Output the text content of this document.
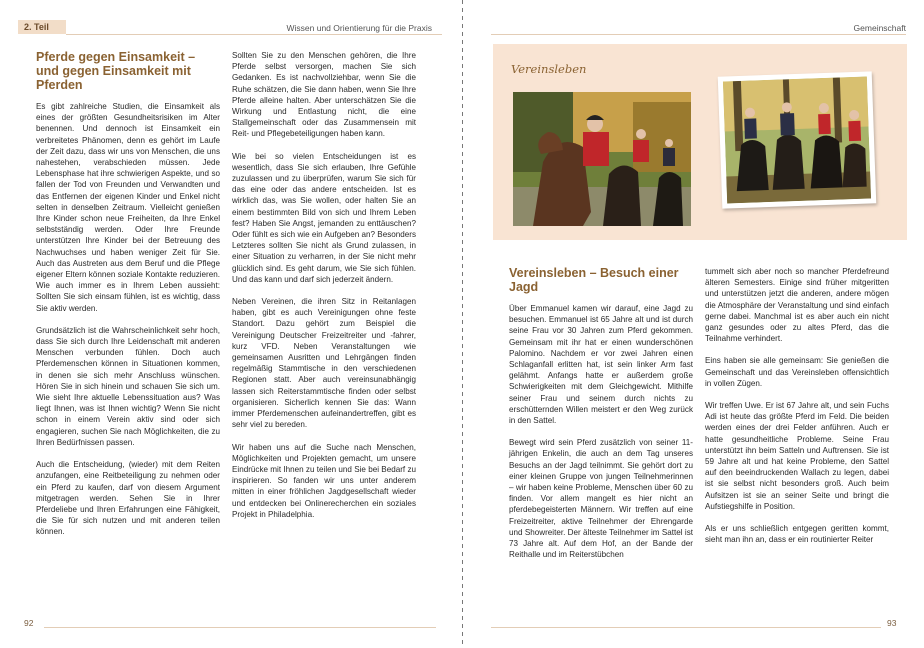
2. Teil	Wissen und Orientierung für die Praxis
Pferde gegen Einsamkeit – und gegen Einsamkeit mit Pferden

Es gibt zahlreiche Studien, die Einsamkeit als eines der größten Gesundheitsrisiken im Alter benennen. Und dennoch ist Einsamkeit ein verbreitetes Phänomen, denn es gehört im Laufe der Zeit dazu, dass wir uns von Menschen, die uns nahestehen, verabschieden müssen. Jede Lebensphase hat ihre schwierigen Aspekte, und so fallen der Tod von Freunden und Verwandten und das Entfernen der eigenen Kinder und Enkel nicht selten in denselben Zeitraum. Vielleicht genießen Ihre Kinder schon neue Freiheiten, da Ihre Enkel selbstständig werden. Oder Ihre Freunde unterstützen Ihre Kinder bei der Betreuung des Nachwuchses und haben weniger Zeit für Sie. Auch das Austreten aus dem Beruf und die Pflege eigener Eltern können soziale Kontakte reduzieren. Wie auch immer es in Ihrem Leben aussieht: Sollten Sie sich einsam fühlen, ist es wichtig, dass Sie aktiv werden.

Grundsätzlich ist die Wahrscheinlichkeit sehr hoch, dass Sie sich durch Ihre Leidenschaft mit anderen Menschen verbunden fühlen. Doch auch Pferdemenschen können in Situationen kommen, in denen sie sich mehr Anschluss wünschen. Hören Sie in sich hinein und schauen Sie sich um. Wie sieht Ihre aktuelle Lebenssituation aus? Was liegt Ihnen, was ist Ihnen wichtig? Wenn Sie nicht schon in einem Verein aktiv sind oder sich engagieren, suchen Sie nach Möglichkeiten, die zu Ihren Bedürfnissen passen.

Auch die Entscheidung, (wieder) mit dem Reiten anzufangen, eine Reitbeteiligung zu nehmen oder ein Pferd zu kaufen, darf von diesem Argument mitgetragen werden. Sehen Sie in Ihrer Pferdeliebe und Ihren Erfahrungen eine Fähigkeit, die Sie für sich nutzen und mit anderen teilen können.

Sollten Sie zu den Menschen gehören, die Ihre Pferde selbst versorgen, machen Sie sich Gedanken. Es ist nachvollziehbar, wenn Sie die Ruhe schätzen, die Sie dann haben, wenn Sie Ihre Pferde alleine halten. Aber unterschätzen Sie die Wirkung und Entlastung nicht, die eine Stallgemeinschaft oder das Zusammensein mit Reit- und Pflegebeteiligungen haben kann.

Wie bei so vielen Entscheidungen ist es wesentlich, dass Sie sich erlauben, Ihre Gefühle zuzulassen und zu überprüfen, warum Sie sich für das eine oder das andere entscheiden. Ist es wirklich das, was Sie wollen, oder halten Sie an einem bestimmten Bild von sich und Ihrem Leben fest? Haben Sie Angst, jemanden zu enttäuschen? Oder fühlt es sich wie ein Aufgeben an? Besonders Letzteres sollten Sie nicht als Grund zulassen, in einer Situation zu verharren, in der Sie nicht mehr glücklich sind. Es geht darum, wie Sie sich fühlen. Und das kann und darf sich jederzeit ändern.

Neben Vereinen, die ihren Sitz in Reitanlagen haben, gibt es auch Vereinigungen ohne feste Standort. Dazu gehört zum Beispiel die Vereinigung Deutscher Freizeitreiter und -fahrer, kurz VFD. Neben Veranstaltungen wie gemeinsamen Ausritten und Lehrgängen finden regelmäßig Stammtische in den verschiedenen Regionen statt. Aber auch vereinsunabhängig lassen sich Reiterstammtische finden oder selbst organisieren. Sicherlich kennen Sie das: Wann immer Pferdemenschen aufeinandertreffen, gibt es sehr viel zu bereden.

Wir haben uns auf die Suche nach Menschen, Möglichkeiten und Projekten gemacht, um unsere Eindrücke mit Ihnen zu teilen und Sie bei Bedarf zu inspirieren. So fanden wir uns unter anderem mitten in einer fröhlichen Jagdgesellschaft wieder und entdecken bei Onlinerecherchen ein soziales Projekt in Philadelphia.

92
Gemeinschaft
Vereinsleben
Vereinsleben – Besuch einer Jagd

Über Emmanuel kamen wir darauf, eine Jagd zu besuchen. Emmanuel ist 65 Jahre alt und ist durch seine Frau vor 30 Jahren zum Pferd gekommen. Gemeinsam mit ihr hat er einen wunderschönen Palomino. Nachdem er vor zwei Jahren einen Schlaganfall erlitten hat, ist sein linker Arm fast gelähmt. Anfangs hatte er außerdem große Schwierigkeiten mit dem Gleichgewicht. Mithilfe seiner Frau und seinem durch nichts zu erschütternden Willen meistert er den Weg zurück in den Sattel.

Bewegt wird sein Pferd zusätzlich von seiner 11-jährigen Enkelin, die auch an dem Tag unseres Besuchs an der Jagd teilnimmt. Sie gehört dort zu einer kleinen Gruppe von jungen Teilnehmerinnen – wir haben keine Probleme, Menschen über 60 zu finden. Vor allem mangelt es hier nicht an pferdebegeisterten Männern. Wir treffen auf eine Freizeitreiter, aktive Teilnehmer der Ehrengarde und Showreiter. Der älteste Teilnehmer im Sattel ist 73 Jahre alt. Auf dem Hof, an der Bande der Reithalle und im Reiterstübchen

tummelt sich aber noch so mancher Pferdefreund älteren Semesters. Einige sind früher mitgeritten und unterstützen jetzt die anderen, andere mögen die Atmosphäre der Veranstaltung und sind einfach gerne dabei. Manchmal ist es aber auch ein nicht ganz gesundes oder zu altes Pferd, das die Teilnahme verhindert.

Eins haben sie alle gemeinsam: Sie genießen die Gemeinschaft und das Vereinsleben offensichtlich in vollen Zügen.

Wir treffen Uwe. Er ist 67 Jahre alt, und sein Fuchs Adi ist heute das größte Pferd im Feld. Die beiden werden eines der drei Felder anführen. Auch er hatte gesundheitliche Probleme. Seine Frau unterstützt ihn beim Satteln und Auftrensen. Sie ist 59 Jahre alt und hat keine Probleme, den Sattel auf den beeindruckenden Wallach zu legen, dabei ist sie selbst nicht besonders groß. Auch beim Aufsitzen ist sie an seiner Seite und bringt die Aufstiegshilfe in Position.

Als er uns schließlich entgegen geritten kommt, sieht man ihn an, dass er ein routinierter Reiter

93
